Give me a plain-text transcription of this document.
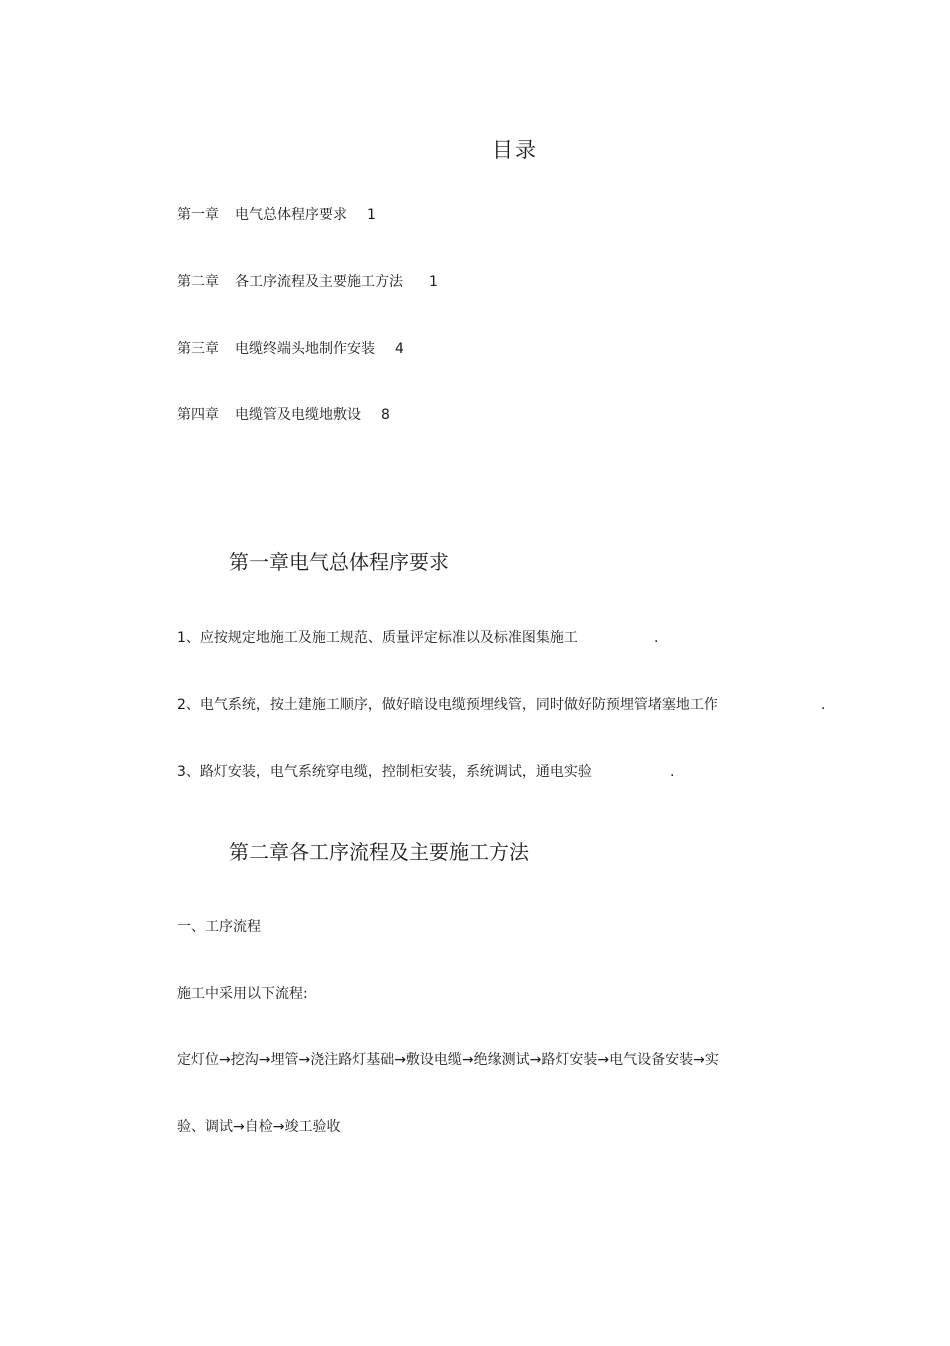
目录
第一章 电气总体程序要求 1
第二章 各工序流程及主要施工方法 1
第三章 电缆终端头地制作安装 4
第四章 电缆管及电缆地敷设 8
第一章电气总体程序要求
1、应按规定地施工及施工规范、质量评定标准以及标准图集施工	.
2、电气系统，按土建施工顺序，做好暗设电缆预埋线管，同时做好防预埋管堵塞地工作	.
3、路灯安装，电气系统穿电缆，控制柜安装，系统调试，通电实验	.
第二章各工序流程及主要施工方法
一、工序流程
施工中采用以下流程:
定灯位→挖沟→埋管→浇注路灯基础→敷设电缆→绝缘测试→路灯安装→电气设备安装→实
验、调试→自检→竣工验收
